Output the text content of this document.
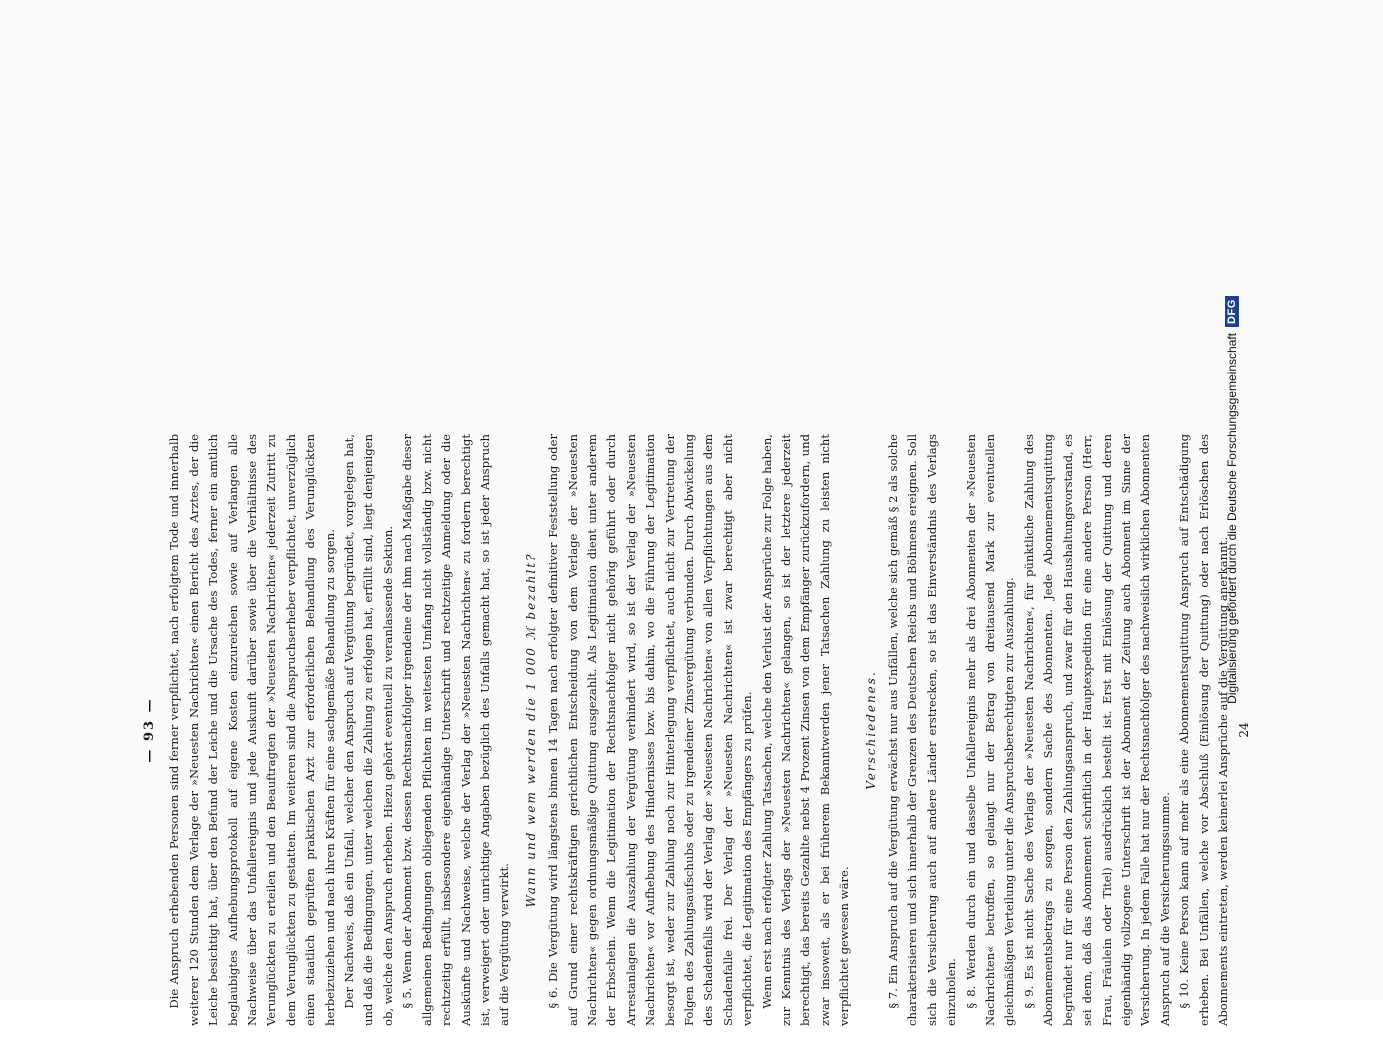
— 93 — Die Anspruch erhebenden Personen sind ferner verpflichtet, nach erfolgtem Tode und innerhalb weiterer 120 Stunden dem Verlage der »Neuesten Nachrichten« einen Bericht des Arztes, der die Leiche besichtigt hat, über den Befund der Leiche und die Ursache des Todes, ferner ein amtlich beglaubigtes Aufhebungsprotokoll auf eigene Kosten einzureichen sowie auf Verlangen alle Nachweise über das Unfallereignis und jede Auskunft darüber sowie über die Verhältnisse des Verunglückten zu erteilen und den Beauftragten der »Neuesten Nachrichten« jederzeit Zutritt zu dem Verunglückten zu gestatten. Im weiteren sind die Anspruchserheber verpflichtet, unverzüglich einen staatlich geprüften praktischen Arzt zur erforderlichen Behandlung des Verunglückten herbeizuziehen und nach ihren Kräften für eine sachgemäße Behandlung zu sorgen. Der Nachweis, daß ein Unfall, welcher den Anspruch auf Vergütung begründet, vorgelegen hat, und daß die Bedingungen, unter welchen die Zahlung zu erfolgen hat, erfüllt sind, liegt denjenigen ob, welche den Anspruch erheben. Hiezu gehört eventuell zu veranlassende Sektion. § 5. Wenn der Abonnent bzw. dessen Rechtsnachfolger irgendeine der ihm nach Maßgabe dieser allgemeinen Bedingungen obliegenden Pflichten im weitesten Umfang nicht vollständig bzw. nicht rechtzeitig erfüllt, insbesondere eigenhändige Unterschrift und rechtzeitige Anmeldung oder die Auskünfte und Nachweise, welche der Verlag der »Neuesten Nachrichten« zu fordern berechtigt ist, verweigert oder unrichtige Angaben bezüglich des Unfalls gemacht hat, so ist jeder Anspruch auf die Vergütung verwirkt.

Wann und wem werden die 1 000 ℳ bezahlt? § 6. Die Vergütung wird längstens binnen 14 Tagen nach erfolgter definitiver Feststellung oder auf Grund einer rechtskräftigen gerichtlichen Entscheidung von dem Verlage der »Neuesten Nachrichten« gegen ordnungsmäßige Quittung ausgezahlt. Als Legitimation dient unter anderem der Erbschein. Wenn die Legitimation der Rechtsnachfolger nicht gehörig geführt oder durch Arrestanlagen die Auszahlung der Vergütung verhindert wird, so ist der Verlag der »Neuesten Nachrichten« vor Aufhebung des Hindernisses bzw. bis dahin, wo die Führung der Legitimation besorgt ist, weder zur Zahlung noch zur Hinterlegung verpflichtet, auch nicht zur Vertretung der Folgen des Zahlungsaufschubs oder zu irgendeiner Zinsvergütung verbunden. Durch Abwickelung des Schadenfalls wird der Verlag der »Neuesten Nachrichten« von allen Verpflichtungen aus dem Schadenfalle frei. Der Verlag der »Neuesten Nachrichten« ist zwar berechtigt aber nicht verpflichtet, die Legitimation des Empfängers zu prüfen. Wenn erst nach erfolgter Zahlung Tatsachen, welche den Verlust der Ansprüche zur Folge haben, zur Kenntnis des Verlags der »Neuesten Nachrichten« gelangen, so ist der letztere jederzeit berechtigt, das bereits Gezahlte nebst 4 Prozent Zinsen von dem Empfänger zurückzufordern, und zwar insoweit, als er bei früherem Bekanntwerden jener Tatsachen Zahlung zu leisten nicht verpflichtet gewesen wäre.

Verschiedenes. § 7. Ein Anspruch auf die Vergütung erwächst nur aus Unfällen, welche sich gemäß § 2 als solche charakterisieren und sich innerhalb der Grenzen des Deutschen Reichs und Böhmens ereignen. Soll sich die Versicherung auch auf andere Länder erstrecken, so ist das Einverständnis des Verlags einzuholen. § 8. Werden durch ein und dasselbe Unfallereignis mehr als drei Abonnenten der »Neuesten Nachrichten« betroffen, so gelangt nur der Betrag von dreitausend Mark zur eventuellen gleichmäßigen Verteilung unter die Anspruchsberechtigten zur Auszahlung. § 9. Es ist nicht Sache des Verlags der »Neuesten Nachrichten«, für pünktliche Zahlung des Abonnementsbetrags zu sorgen, sondern Sache des Abonnenten. Jede Abonnementsquittung begründet nur für eine Person den Zahlungsanspruch, und zwar für den Haushaltungsvorstand, es sei denn, daß das Abonnement schriftlich in der Hauptexpedition für eine andere Person (Herr, Frau, Fräulein oder Titel) ausdrücklich bestellt ist. Erst mit Einlösung der Quittung und deren eigenhändig vollzogene Unterschrift ist der Abonnent der Zeitung auch Abonnent im Sinne der Versicherung. In jedem Falle hat nur der Rechtsnachfolger des nachweislich wirklichen Abonnenten Anspruch auf die Versicherungssumme. § 10. Keine Person kann auf mehr als eine Abonnementsquittung Anspruch auf Entschädigung erheben. Bei Unfällen, welche vor Abschluß (Einlösung der Quittung) oder nach Erlöschen des Abonnements eintreten, werden keinerlei Ansprüche auf die Vergütung anerkannt. 24
Digitalisierung gefördert durch die Deutsche Forschungsgemeinschaft
DFG
